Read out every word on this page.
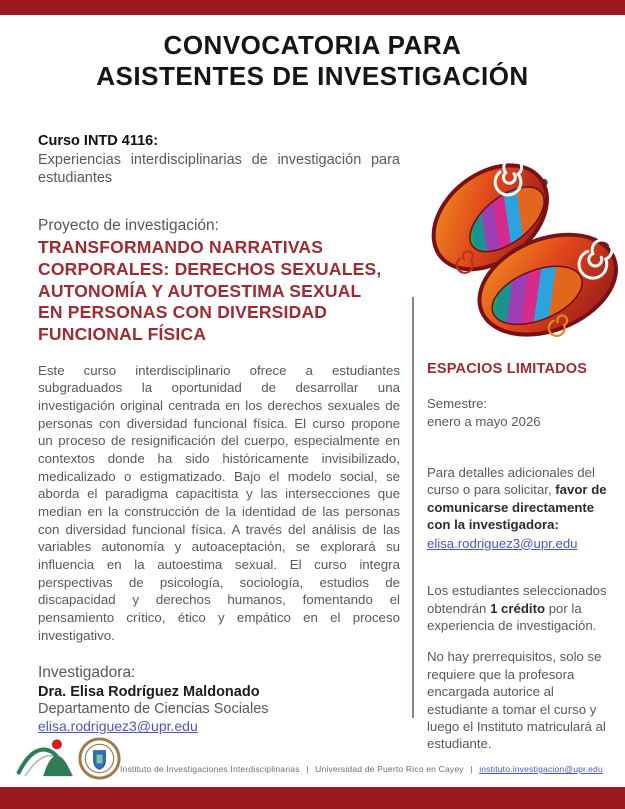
CONVOCATORIA PARA
ASISTENTES DE INVESTIGACIÓN
Curso INTD 4116:
Experiencias interdisciplinarias de investigación para estudiantes
Proyecto de investigación:
TRANSFORMANDO NARRATIVAS CORPORALES: DERECHOS SEXUALES, AUTONOMÍA Y AUTOESTIMA SEXUAL EN PERSONAS CON DIVERSIDAD FUNCIONAL FÍSICA
Este curso interdisciplinario ofrece a estudiantes subgraduados la oportunidad de desarrollar una investigación original centrada en los derechos sexuales de personas con diversidad funcional física. El curso propone un proceso de resignificación del cuerpo, especialmente en contextos donde ha sido históricamente invisibilizado, medicalizado o estigmatizado. Bajo el modelo social, se aborda el paradigma capacitista y las intersecciones que median en la construcción de la identidad de las personas con diversidad funcional física. A través del análisis de las variables autonomía y autoaceptación, se explorará su influencia en la autoestima sexual. El curso integra perspectivas de psicología, sociología, estudios de discapacidad y derechos humanos, fomentando el pensamiento crítico, ético y empático en el proceso investigativo.
Investigadora:
Dra. Elisa Rodríguez Maldonado
Departamento de Ciencias Sociales
elisa.rodriguez3@upr.edu
ESPACIOS LIMITADOS
Semestre:
enero a mayo 2026
Para detalles adicionales del curso o para solicitar, favor de comunicarse directamente con la investigadora:
elisa.rodriguez3@upr.edu
Los estudiantes seleccionados obtendrán 1 crédito por la experiencia de investigación.
No hay prerrequisitos, solo se requiere que la profesora encargada autorice al estudiante a tomar el curso y luego el Instituto matriculará al estudiante.
Instituto de Investigaciones Interdisciplinarias | Universidad de Puerto Rico en Cayey | instituto.investigacion@upr.edu
